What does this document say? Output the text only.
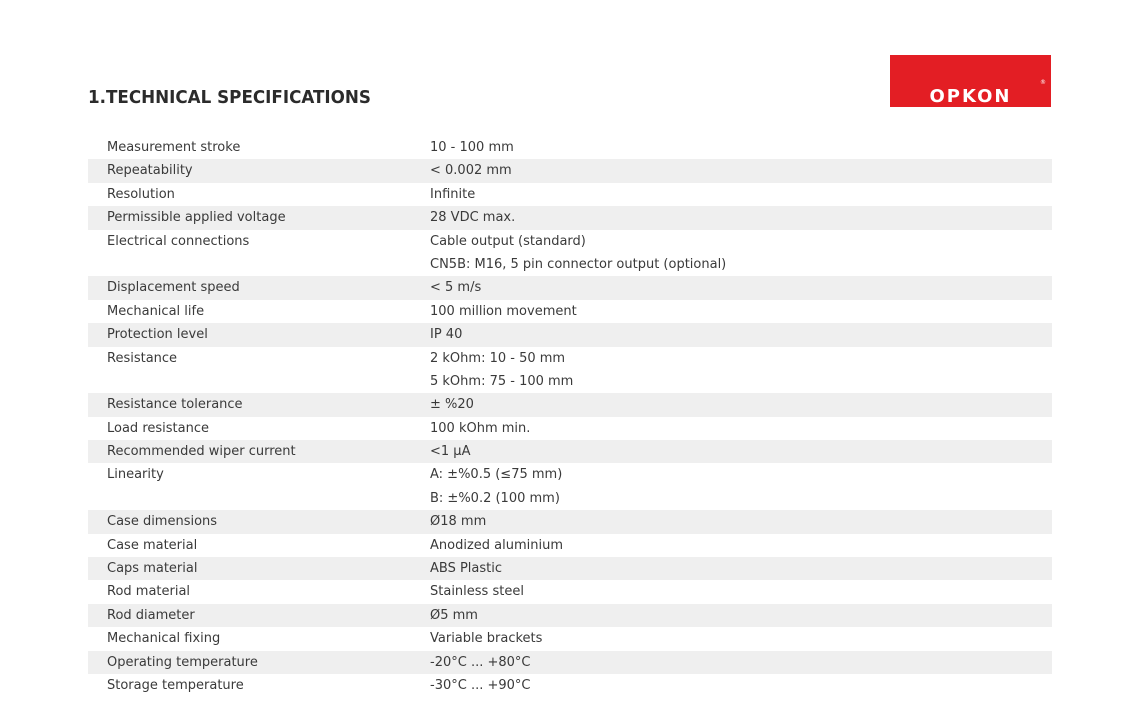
1.TECHNICAL SPECIFICATIONS
®
OPKON
Measurement stroke	10 - 100 mm
Repeatability	< 0.002 mm
Resolution	Infinite
Permissible applied voltage	28 VDC max.
Electrical connections	Cable output (standard)
CN5B: M16, 5 pin connector output (optional)
Displacement speed	< 5 m/s
Mechanical life	100 million movement
Protection level	IP 40
Resistance	2 kOhm: 10 - 50 mm
5 kOhm: 75 - 100 mm
Resistance tolerance	± %20
Load resistance	100 kOhm min.
Recommended wiper current	<1 µA
Linearity	A: ±%0.5 (≤75 mm)
B: ±%0.2 (100 mm)
Case dimensions	Ø18 mm
Case material	Anodized aluminium
Caps material	ABS Plastic
Rod material	Stainless steel
Rod diameter	Ø5 mm
Mechanical fixing	Variable brackets
Operating temperature	-20°C ... +80°C
Storage temperature	-30°C ... +90°C
